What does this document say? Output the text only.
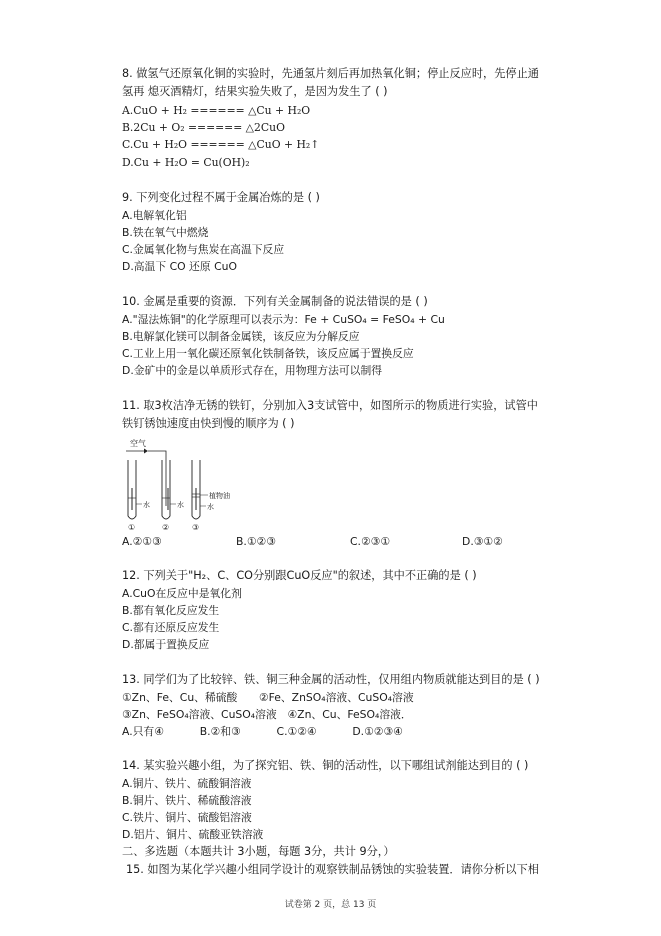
8. 做氢气还原氧化铜的实验时，先通氢片刻后再加热氧化铜；停止反应时，先停止通
氢再 熄灭酒精灯，结果实验失败了，是因为发生了 ( )
A.CuO + H₂ ====== △Cu + H₂O
B.2Cu + O₂ ====== △2CuO
C.Cu + H₂O ====== △CuO + H₂↑
D.Cu + H₂O = Cu(OH)₂
9. 下列变化过程不属于金属冶炼的是 ( )
A.电解氧化铝
B.铁在氧气中燃烧
C.金属氧化物与焦炭在高温下反应
D.高温下 CO 还原 CuO
10. 金属是重要的资源．下列有关金属制备的说法错误的是 ( )
A."湿法炼铜"的化学原理可以表示为：Fe + CuSO₄ = FeSO₄ + Cu
B.电解氯化镁可以制备金属镁，该反应为分解反应
C.工业上用一氧化碳还原氧化铁制备铁，该反应属于置换反应
D.金矿中的金是以单质形式存在，用物理方法可以制得
11. 取3枚洁净无锈的铁钉，分别加入3支试管中，如图所示的物质进行实验，试管中
铁钉锈蚀速度由快到慢的顺序为 ( )
空气
水
①
水
②
植物油
水
③
A.②①③	B.①②③	C.②③①	D.③①②
12. 下列关于"H₂、C、CO分别跟CuO反应"的叙述，其中不正确的是 ( )
A.CuO在反应中是氧化剂
B.都有氧化反应发生
C.都有还原反应发生
D.都属于置换反应
13. 同学们为了比较锌、铁、铜三种金属的活动性，仅用组内物质就能达到目的是 ( )
①Zn、Fe、Cu、稀硫酸　　②Fe、ZnSO₄溶液、CuSO₄溶液
③Zn、FeSO₄溶液、CuSO₄溶液　④Zn、Cu、FeSO₄溶液．
A.只有④　　　 B.②和③　　　 C.①②④　　　 D.①②③④
14. 某实验兴趣小组，为了探究铝、铁、铜的活动性，以下哪组试剂能达到目的 ( )
A.铜片、铁片、硫酸铜溶液
B.铜片、铁片、稀硫酸溶液
C.铁片、铜片、硫酸铝溶液
D.铝片、铜片、硫酸亚铁溶液
二、多选题（本题共计 3小题，每题 3分，共计 9分，）
15. 如图为某化学兴趣小组同学设计的观察铁制品锈蚀的实验装置．请你分析以下相
试卷第 2 页，总 13 页
